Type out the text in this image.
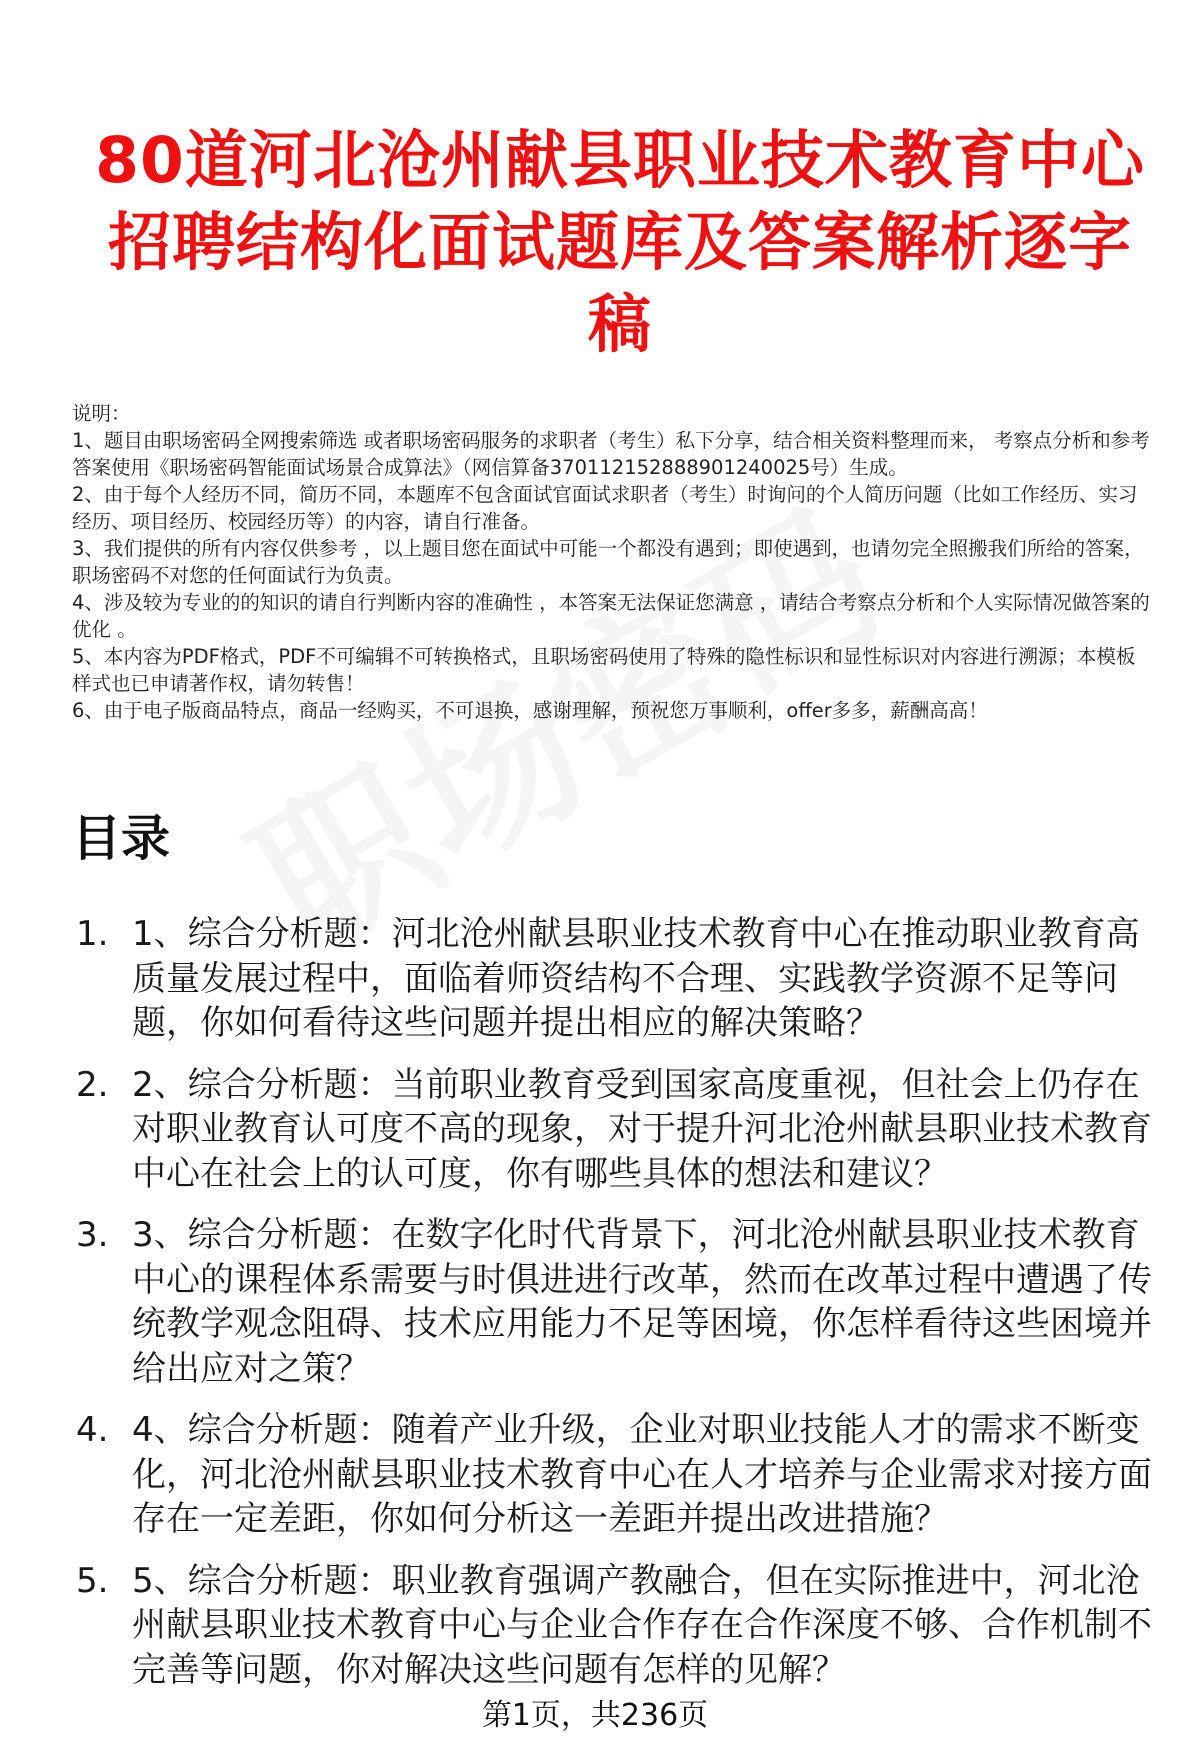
80道河北沧州献县职业技术教育中心招聘结构化面试题库及答案解析逐字稿

说明：

1、题目由职场密码全网搜索筛选 或者职场密码服务的求职者（考生）私下分享，结合相关资料整理而来， 考察点分析和参考答案使用《职场密码智能面试场景合成算法》（网信算备370112152888901240025号）生成。

2、由于每个人经历不同，简历不同，本题库不包含面试官面试求职者（考生）时询问的个人简历问题（比如工作经历、实习经历、项目经历、校园经历等）的内容，请自行准备。

3、我们提供的所有内容仅供参考 ，以上题目您在面试中可能一个都没有遇到；即使遇到，也请勿完全照搬我们所给的答案，职场密码不对您的任何面试行为负责。

4、涉及较为专业的的知识的请自行判断内容的准确性 ，本答案无法保证您满意 ，请结合考察点分析和个人实际情况做答案的优化 。

5、本内容为PDF格式，PDF不可编辑不可转换格式，且职场密码使用了特殊的隐性标识和显性标识对内容进行溯源；本模板样式也已申请著作权，请勿转售！

6、由于电子版商品特点，商品一经购买，不可退换，感谢理解，预祝您万事顺利，offer多多，薪酬高高！

目录
1. 1、综合分析题：河北沧州献县职业技术教育中心在推动职业教育高质量发展过程中，面临着师资结构不合理、实践教学资源不足等问题，你如何看待这些问题并提出相应的解决策略？
2. 2、综合分析题：当前职业教育受到国家高度重视，但社会上仍存在对职业教育认可度不高的现象，对于提升河北沧州献县职业技术教育中心在社会上的认可度，你有哪些具体的想法和建议？
3. 3、综合分析题：在数字化时代背景下，河北沧州献县职业技术教育中心的课程体系需要与时俱进进行改革，然而在改革过程中遭遇了传统教学观念阻碍、技术应用能力不足等困境，你怎样看待这些困境并给出应对之策？
4. 4、综合分析题：随着产业升级，企业对职业技能人才的需求不断变化，河北沧州献县职业技术教育中心在人才培养与企业需求对接方面存在一定差距，你如何分析这一差距并提出改进措施？
5. 5、综合分析题：职业教育强调产教融合，但在实际推进中，河北沧州献县职业技术教育中心与企业合作存在合作深度不够、合作机制不完善等问题，你对解决这些问题有怎样的见解？
第1页，共236页
